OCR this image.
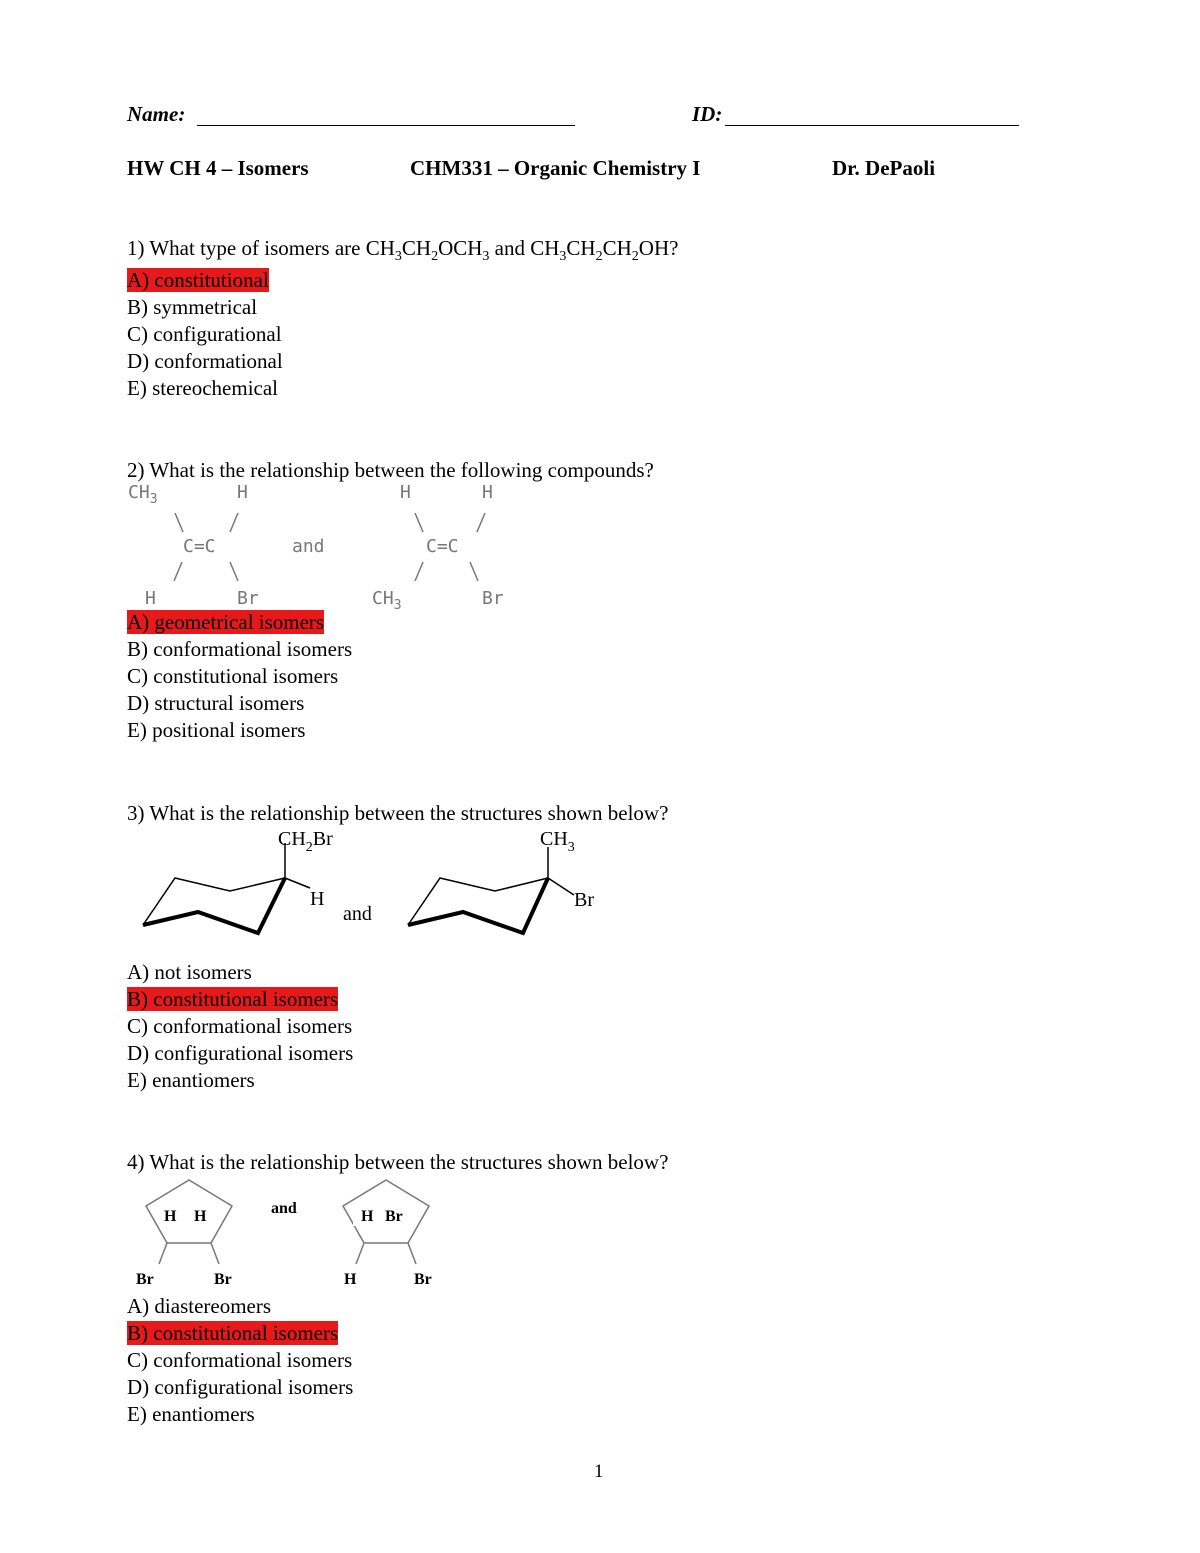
Name:	ID:
HW CH 4 – Isomers	CHM331 – Organic Chemistry I	Dr. DePaoli
1) What type of isomers are $CH_3CH_2OCH_3$ and $CH_3CH_2CH_2OH$?
A) constitutional
B) symmetrical
C) configurational
D) conformational
E) stereochemical
2) What is the relationship between the following compounds?
$CH_3$	H
C=C	and
H	Br
H	H
C=C
$CH_3$	Br
A) geometrical isomers
B) conformational isomers
C) constitutional isomers
D) structural isomers
E) positional isomers
3) What is the relationship between the structures shown below?
$CH_2Br$
H
and
$CH_3$
Br
A) not isomers
B) constitutional isomers
C) conformational isomers
D) configurational isomers
E) enantiomers
4) What is the relationship between the structures shown below?
H H
Br	Br
and	H Br
H	Br
A) diastereomers
B) constitutional isomers
C) conformational isomers
D) configurational isomers
E) enantiomers
1
